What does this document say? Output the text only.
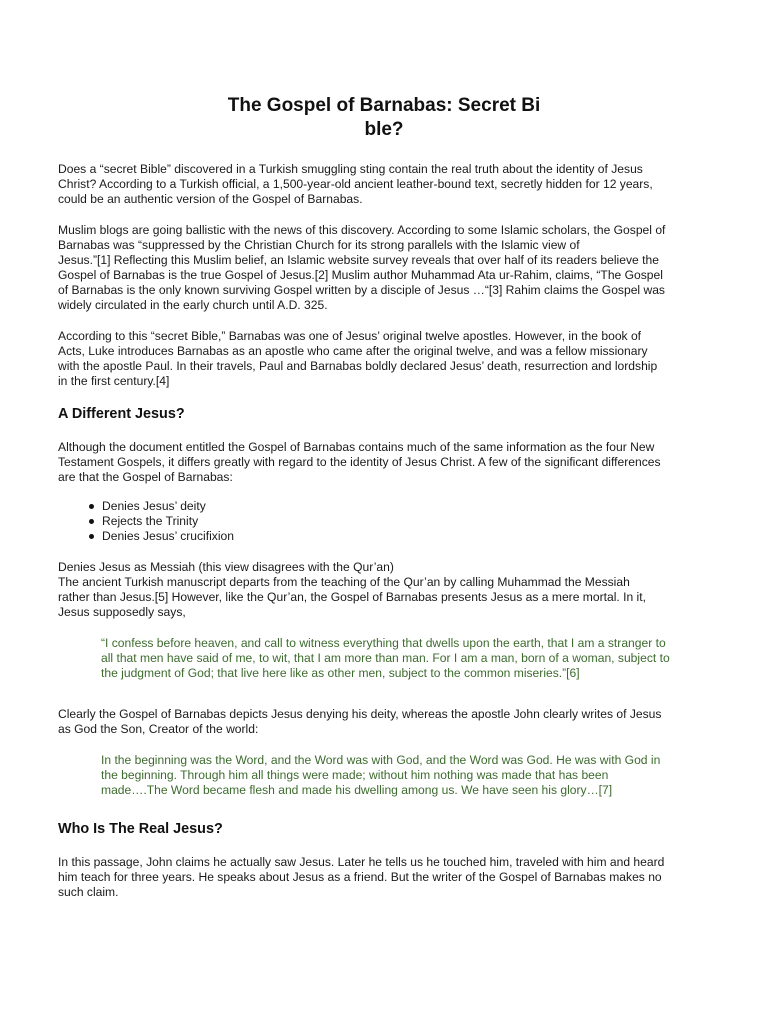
The Gospel of Barnabas: Secret Bi
ble?

Does a “secret Bible” discovered in a Turkish smuggling sting contain the real truth about the identity of Jesus
Christ? According to a Turkish official, a 1,500-year-old ancient leather-bound text, secretly hidden for 12 years,
could be an authentic version of the Gospel of Barnabas.

Muslim blogs are going ballistic with the news of this discovery. According to some Islamic scholars, the Gospel of
Barnabas was “suppressed by the Christian Church for its strong parallels with the Islamic view of
Jesus.”[1] Reflecting this Muslim belief, an Islamic website survey reveals that over half of its readers believe the
Gospel of Barnabas is the true Gospel of Jesus.[2] Muslim author Muhammad Ata ur-Rahim, claims, “The Gospel
of Barnabas is the only known surviving Gospel written by a disciple of Jesus …“[3] Rahim claims the Gospel was
widely circulated in the early church until A.D. 325.

According to this “secret Bible,” Barnabas was one of Jesus’ original twelve apostles. However, in the book of
Acts, Luke introduces Barnabas as an apostle who came after the original twelve, and was a fellow missionary
with the apostle Paul. In their travels, Paul and Barnabas boldly declared Jesus’ death, resurrection and lordship
in the first century.[4]

A Different Jesus?

Although the document entitled the Gospel of Barnabas contains much of the same information as the four New
Testament Gospels, it differs greatly with regard to the identity of Jesus Christ. A few of the significant differences
are that the Gospel of Barnabas:

Denies Jesus’ deity
Rejects the Trinity
Denies Jesus’ crucifixion

Denies Jesus as Messiah (this view disagrees with the Qur’an)
The ancient Turkish manuscript departs from the teaching of the Qur’an by calling Muhammad the Messiah
rather than Jesus.[5] However, like the Qur’an, the Gospel of Barnabas presents Jesus as a mere mortal. In it,
Jesus supposedly says,

“I confess before heaven, and call to witness everything that dwells upon the earth, that I am a stranger to
all that men have said of me, to wit, that I am more than man. For I am a man, born of a woman, subject to
the judgment of God; that live here like as other men, subject to the common miseries.”[6]

Clearly the Gospel of Barnabas depicts Jesus denying his deity, whereas the apostle John clearly writes of Jesus
as God the Son, Creator of the world:

In the beginning was the Word, and the Word was with God, and the Word was God. He was with God in
the beginning. Through him all things were made; without him nothing was made that has been
made….The Word became flesh and made his dwelling among us. We have seen his glory…[7]
Who Is The Real Jesus?

In this passage, John claims he actually saw Jesus. Later he tells us he touched him, traveled with him and heard
him teach for three years. He speaks about Jesus as a friend. But the writer of the Gospel of Barnabas makes no
such claim.
